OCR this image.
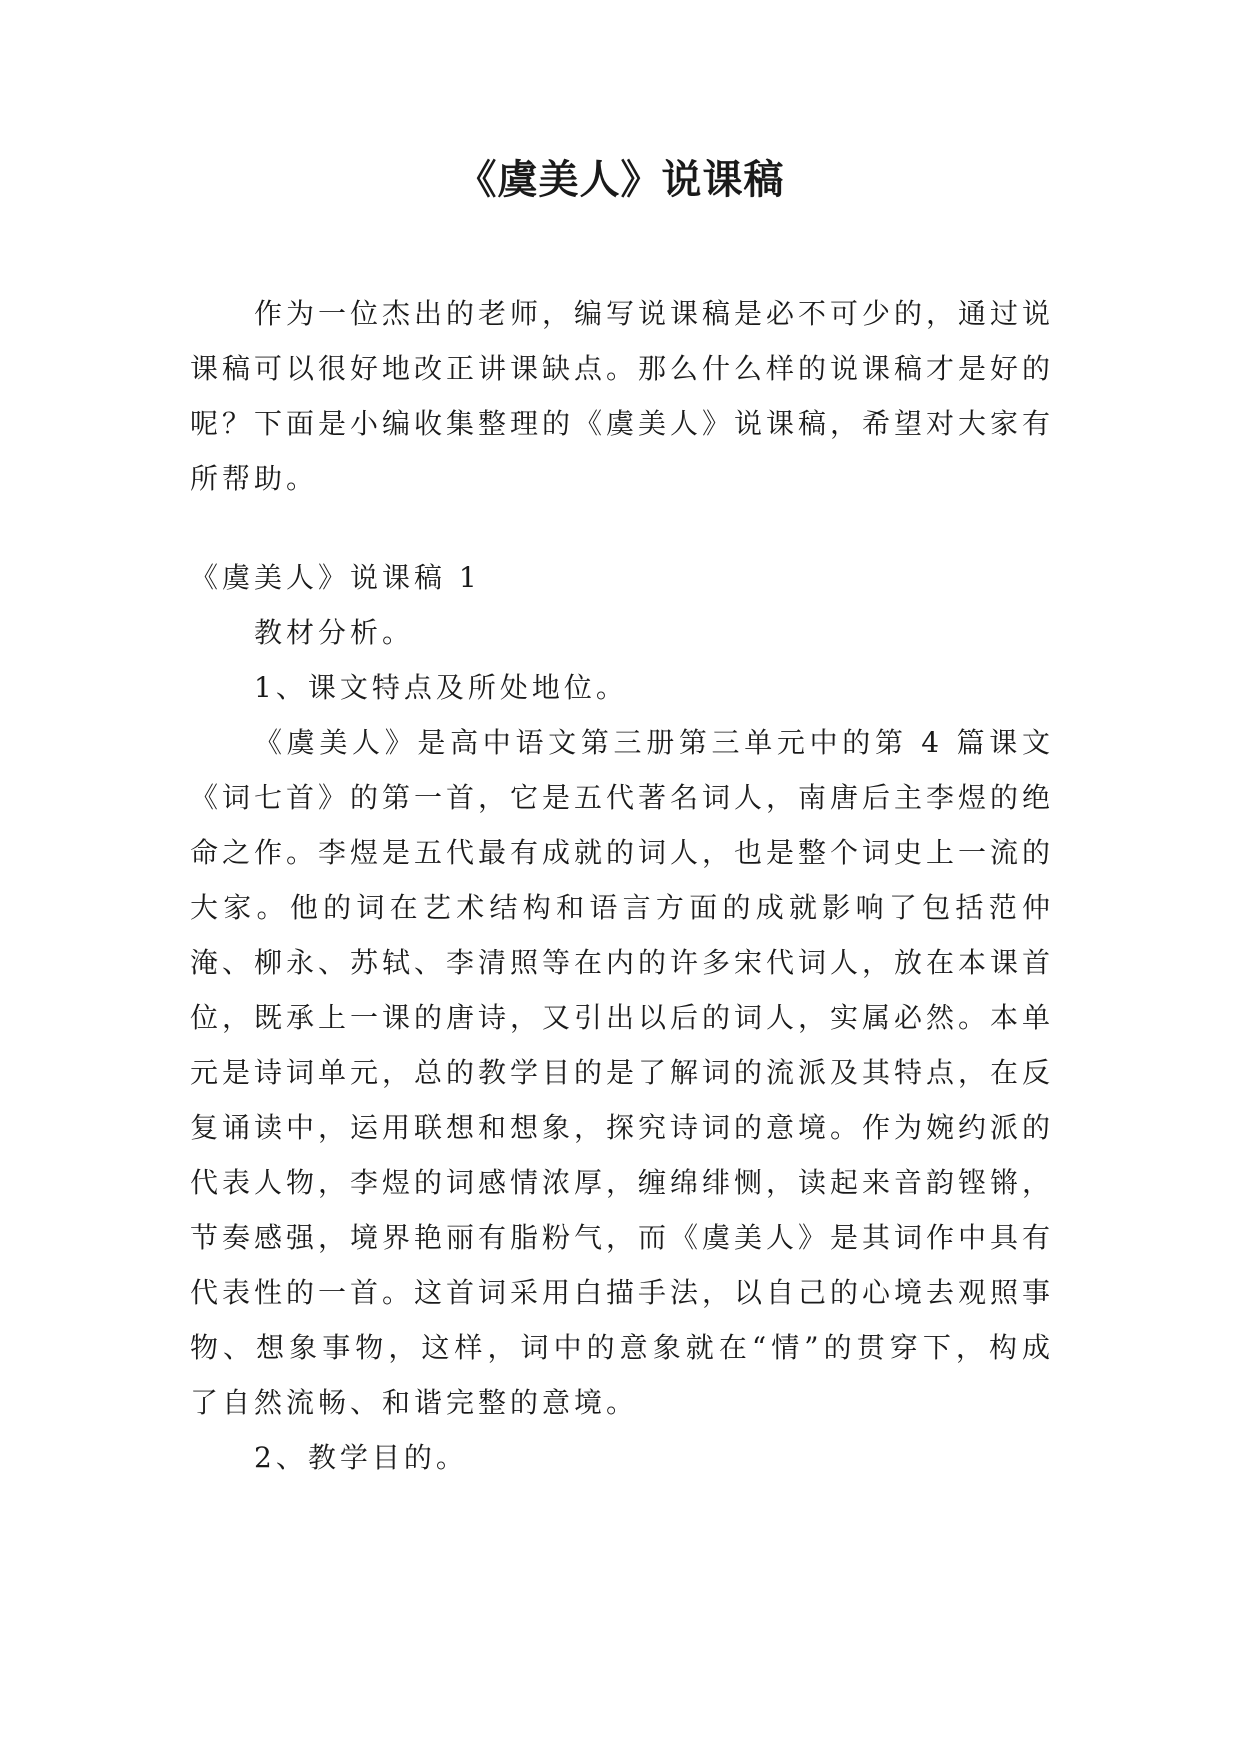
《虞美人》说课稿

作为一位杰出的老师，编写说课稿是必不可少的，通过说课稿可以很好地改正讲课缺点。那么什么样的说课稿才是好的呢？下面是小编收集整理的《虞美人》说课稿，希望对大家有所帮助。

《虞美人》说课稿 1

教材分析。

1、课文特点及所处地位。

《虞美人》是高中语文第三册第三单元中的第 4 篇课文《词七首》的第一首，它是五代著名词人，南唐后主李煜的绝命之作。李煜是五代最有成就的词人，也是整个词史上一流的大家。他的词在艺术结构和语言方面的成就影响了包括范仲淹、柳永、苏轼、李清照等在内的许多宋代词人，放在本课首位，既承上一课的唐诗，又引出以后的词人，实属必然。本单元是诗词单元，总的教学目的是了解词的流派及其特点，在反复诵读中，运用联想和想象，探究诗词的意境。作为婉约派的代表人物，李煜的词感情浓厚，缠绵绯恻，读起来音韵铿锵，节奏感强，境界艳丽有脂粉气，而《虞美人》是其词作中具有代表性的一首。这首词采用白描手法，以自己的心境去观照事物、想象事物，这样，词中的意象就在“情”的贯穿下，构成了自然流畅、和谐完整的意境。

2、教学目的。
